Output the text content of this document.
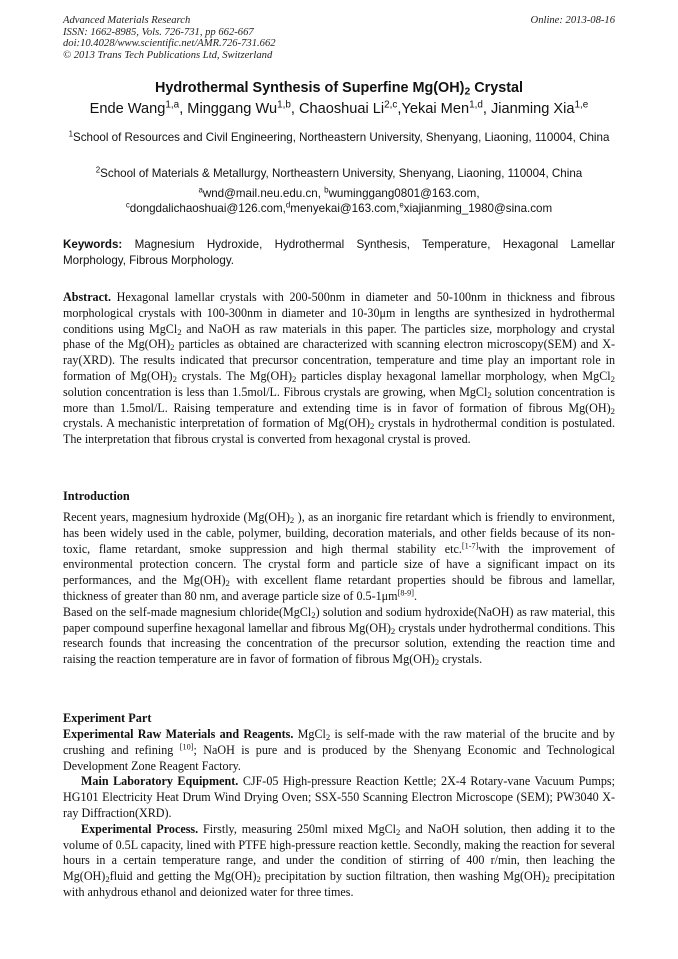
Advanced Materials Research
ISSN: 1662-8985, Vols. 726-731, pp 662-667
doi:10.4028/www.scientific.net/AMR.726-731.662
© 2013 Trans Tech Publications Ltd, Switzerland
Online: 2013-08-16
Hydrothermal Synthesis of Superfine $Mg(OH)_2$ Crystal
Ende Wang$^{1,a}$, Minggang Wu$^{1,b}$, Chaoshuai Li$^{2,c}$,Yekai Men$^{1,d}$, Jianming Xia$^{1,e}$
$^1$School of Resources and Civil Engineering, Northeastern University, Shenyang, Liaoning, 110004, China
$^2$School of Materials & Metallurgy, Northeastern University, Shenyang, Liaoning, 110004, China
$^a$wnd@mail.neu.edu.cn, $^b$wuminggang0801@163.com,
$^c$dongdalichaoshuai@126.com,$^d$menyekai@163.com,$^e$xiajianming_1980@sina.com
Keywords: Magnesium Hydroxide, Hydrothermal Synthesis, Temperature, Hexagonal Lamellar Morphology, Fibrous Morphology.
Abstract. Hexagonal lamellar crystals with 200-500nm in diameter and 50-100nm in thickness and fibrous morphological crystals with 100-300nm in diameter and 10-30μm in lengths are synthesized in hydrothermal conditions using MgCl$_2$ and NaOH as raw materials in this paper. The particles size, morphology and crystal phase of the $Mg(OH)_2$ particles as obtained are characterized with scanning electron microscopy(SEM) and X-ray(XRD). The results indicated that precursor concentration, temperature and time play an important role in formation of $Mg(OH)_2$ crystals. The $Mg(OH)_2$ particles display hexagonal lamellar morphology, when MgCl$_2$ solution concentration is less than 1.5mol/L. Fibrous crystals are growing, when MgCl$_2$ solution concentration is more than 1.5mol/L. Raising temperature and extending time is in favor of formation of fibrous $Mg(OH)_2$ crystals. A mechanistic interpretation of formation of $Mg(OH)_2$ crystals in hydrothermal condition is postulated. The interpretation that fibrous crystal is converted from hexagonal crystal is proved.
Introduction

Recent years, magnesium hydroxide ($Mg(OH)_2$ ), as an inorganic fire retardant which is friendly to environment, has been widely used in the cable, polymer, building, decoration materials, and other fields because of its non-toxic, flame retardant, smoke suppression and high thermal stability etc.[1-7]with the improvement of environmental protection concern. The crystal form and particle size of have a significant impact on its performances, and the $Mg(OH)_2$ with excellent flame retardant properties should be fibrous and lamellar, thickness of greater than 80 nm, and average particle size of 0.5-1μm[8-9].

Based on the self-made magnesium chloride(MgCl$_2$) solution and sodium hydroxide(NaOH) as raw material, this paper compound superfine hexagonal lamellar and fibrous $Mg(OH)_2$ crystals under hydrothermal conditions. This research founds that increasing the concentration of the precursor solution, extending the reaction time and raising the reaction temperature are in favor of formation of fibrous $Mg(OH)_2$ crystals.

Experiment Part

Experimental Raw Materials and Reagents. MgCl$_2$ is self-made with the raw material of the brucite and by crushing and refining [10]; NaOH is pure and is produced by the Shenyang Economic and Technological Development Zone Reagent Factory.

Main Laboratory Equipment. CJF-05 High-pressure Reaction Kettle; 2X-4 Rotary-vane Vacuum Pumps; HG101 Electricity Heat Drum Wind Drying Oven; SSX-550 Scanning Electron Microscope (SEM); PW3040 X-ray Diffraction(XRD).

Experimental Process. Firstly, measuring 250ml mixed MgCl$_2$ and NaOH solution, then adding it to the volume of 0.5L capacity, lined with PTFE high-pressure reaction kettle. Secondly, making the reaction for several hours in a certain temperature range, and under the condition of stirring of 400 r/min, then leaching the $Mg(OH)_2fluid$ and getting the $Mg(OH)_2$ precipitation by suction filtration, then washing $Mg(OH)_2$ precipitation with anhydrous ethanol and deionized water for three times.
